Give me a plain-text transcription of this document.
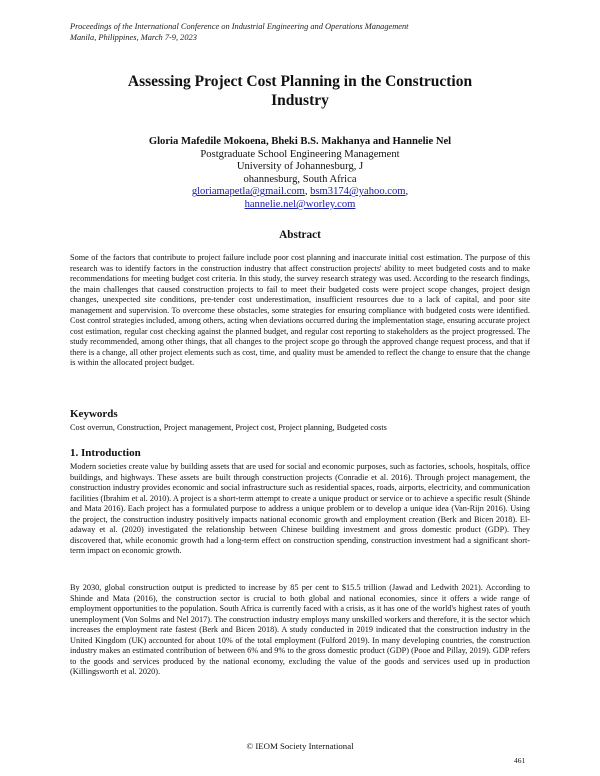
Proceedings of the International Conference on Industrial Engineering and Operations Management
Manila, Philippines, March 7-9, 2023
Assessing Project Cost Planning in the Construction
Industry
Gloria Mafedile Mokoena, Bheki B.S. Makhanya and Hannelie Nel
Postgraduate School Engineering Management
University of Johannesburg, J
ohannesburg, South Africa
gloriamapetla@gmail.com, bsm3174@yahoo.com,
hannelie.nel@worley.com
Abstract
Some of the factors that contribute to project failure include poor cost planning and inaccurate initial cost estimation. The purpose of this research was to identify factors in the construction industry that affect construction projects' ability to meet budgeted costs and to make recommendations for meeting budget cost criteria. In this study, the survey research strategy was used. According to the research findings, the main challenges that caused construction projects to fail to meet their budgeted costs were project scope changes, project design changes, unexpected site conditions, pre-tender cost underestimation, insufficient resources due to a lack of capital, and poor site management and supervision. To overcome these obstacles, some strategies for ensuring compliance with budgeted costs were identified. Cost control strategies included, among others, acting when deviations occurred during the implementation stage, ensuring accurate project cost estimation, regular cost checking against the planned budget, and regular cost reporting to stakeholders as the project progressed. The study recommended, among other things, that all changes to the project scope go through the approved change request process, and that if there is a change, all other project elements such as cost, time, and quality must be amended to reflect the change to ensure that the change is within the allocated project budget.
Keywords
Cost overrun, Construction, Project management, Project cost, Project planning, Budgeted costs
1. Introduction
Modern societies create value by building assets that are used for social and economic purposes, such as factories, schools, hospitals, office buildings, and highways. These assets are built through construction projects (Conradie et al. 2016). Through project management, the construction industry provides economic and social infrastructure such as residential spaces, roads, airports, electricity, and communication facilities (Ibrahim et al. 2010). A project is a short-term attempt to create a unique product or service or to achieve a specific result (Shinde and Mata 2016). Each project has a formulated purpose to address a unique problem or to develop a unique idea (Van-Rijn 2016). Using the project, the construction industry positively impacts national economic growth and employment creation (Berk and Bicen 2018). El-adaway et al. (2020) investigated the relationship between Chinese building investment and gross domestic product (GDP). They discovered that, while economic growth had a long-term effect on construction spending, construction investment had a significant short-term impact on economic growth.
By 2030, global construction output is predicted to increase by 85 per cent to $15.5 trillion (Jawad and Ledwith 2021). According to Shinde and Mata (2016), the construction sector is crucial to both global and national economies, since it offers a wide range of employment opportunities to the population. South Africa is currently faced with a crisis, as it has one of the world's highest rates of youth unemployment (Von Solms and Nel 2017). The construction industry employs many unskilled workers and therefore, it is the sector which increases the employment rate fastest (Berk and Bicen 2018). A study conducted in 2019 indicated that the construction industry in the United Kingdom (UK) accounted for about 10% of the total employment (Fulford 2019). In many developing countries, the construction industry makes an estimated contribution of between 6% and 9% to the gross domestic product (GDP) (Pooe and Pillay, 2019). GDP refers to the goods and services produced by the national economy, excluding the value of the goods and services used up in production (Killingsworth et al. 2020).
© IEOM Society International
461
